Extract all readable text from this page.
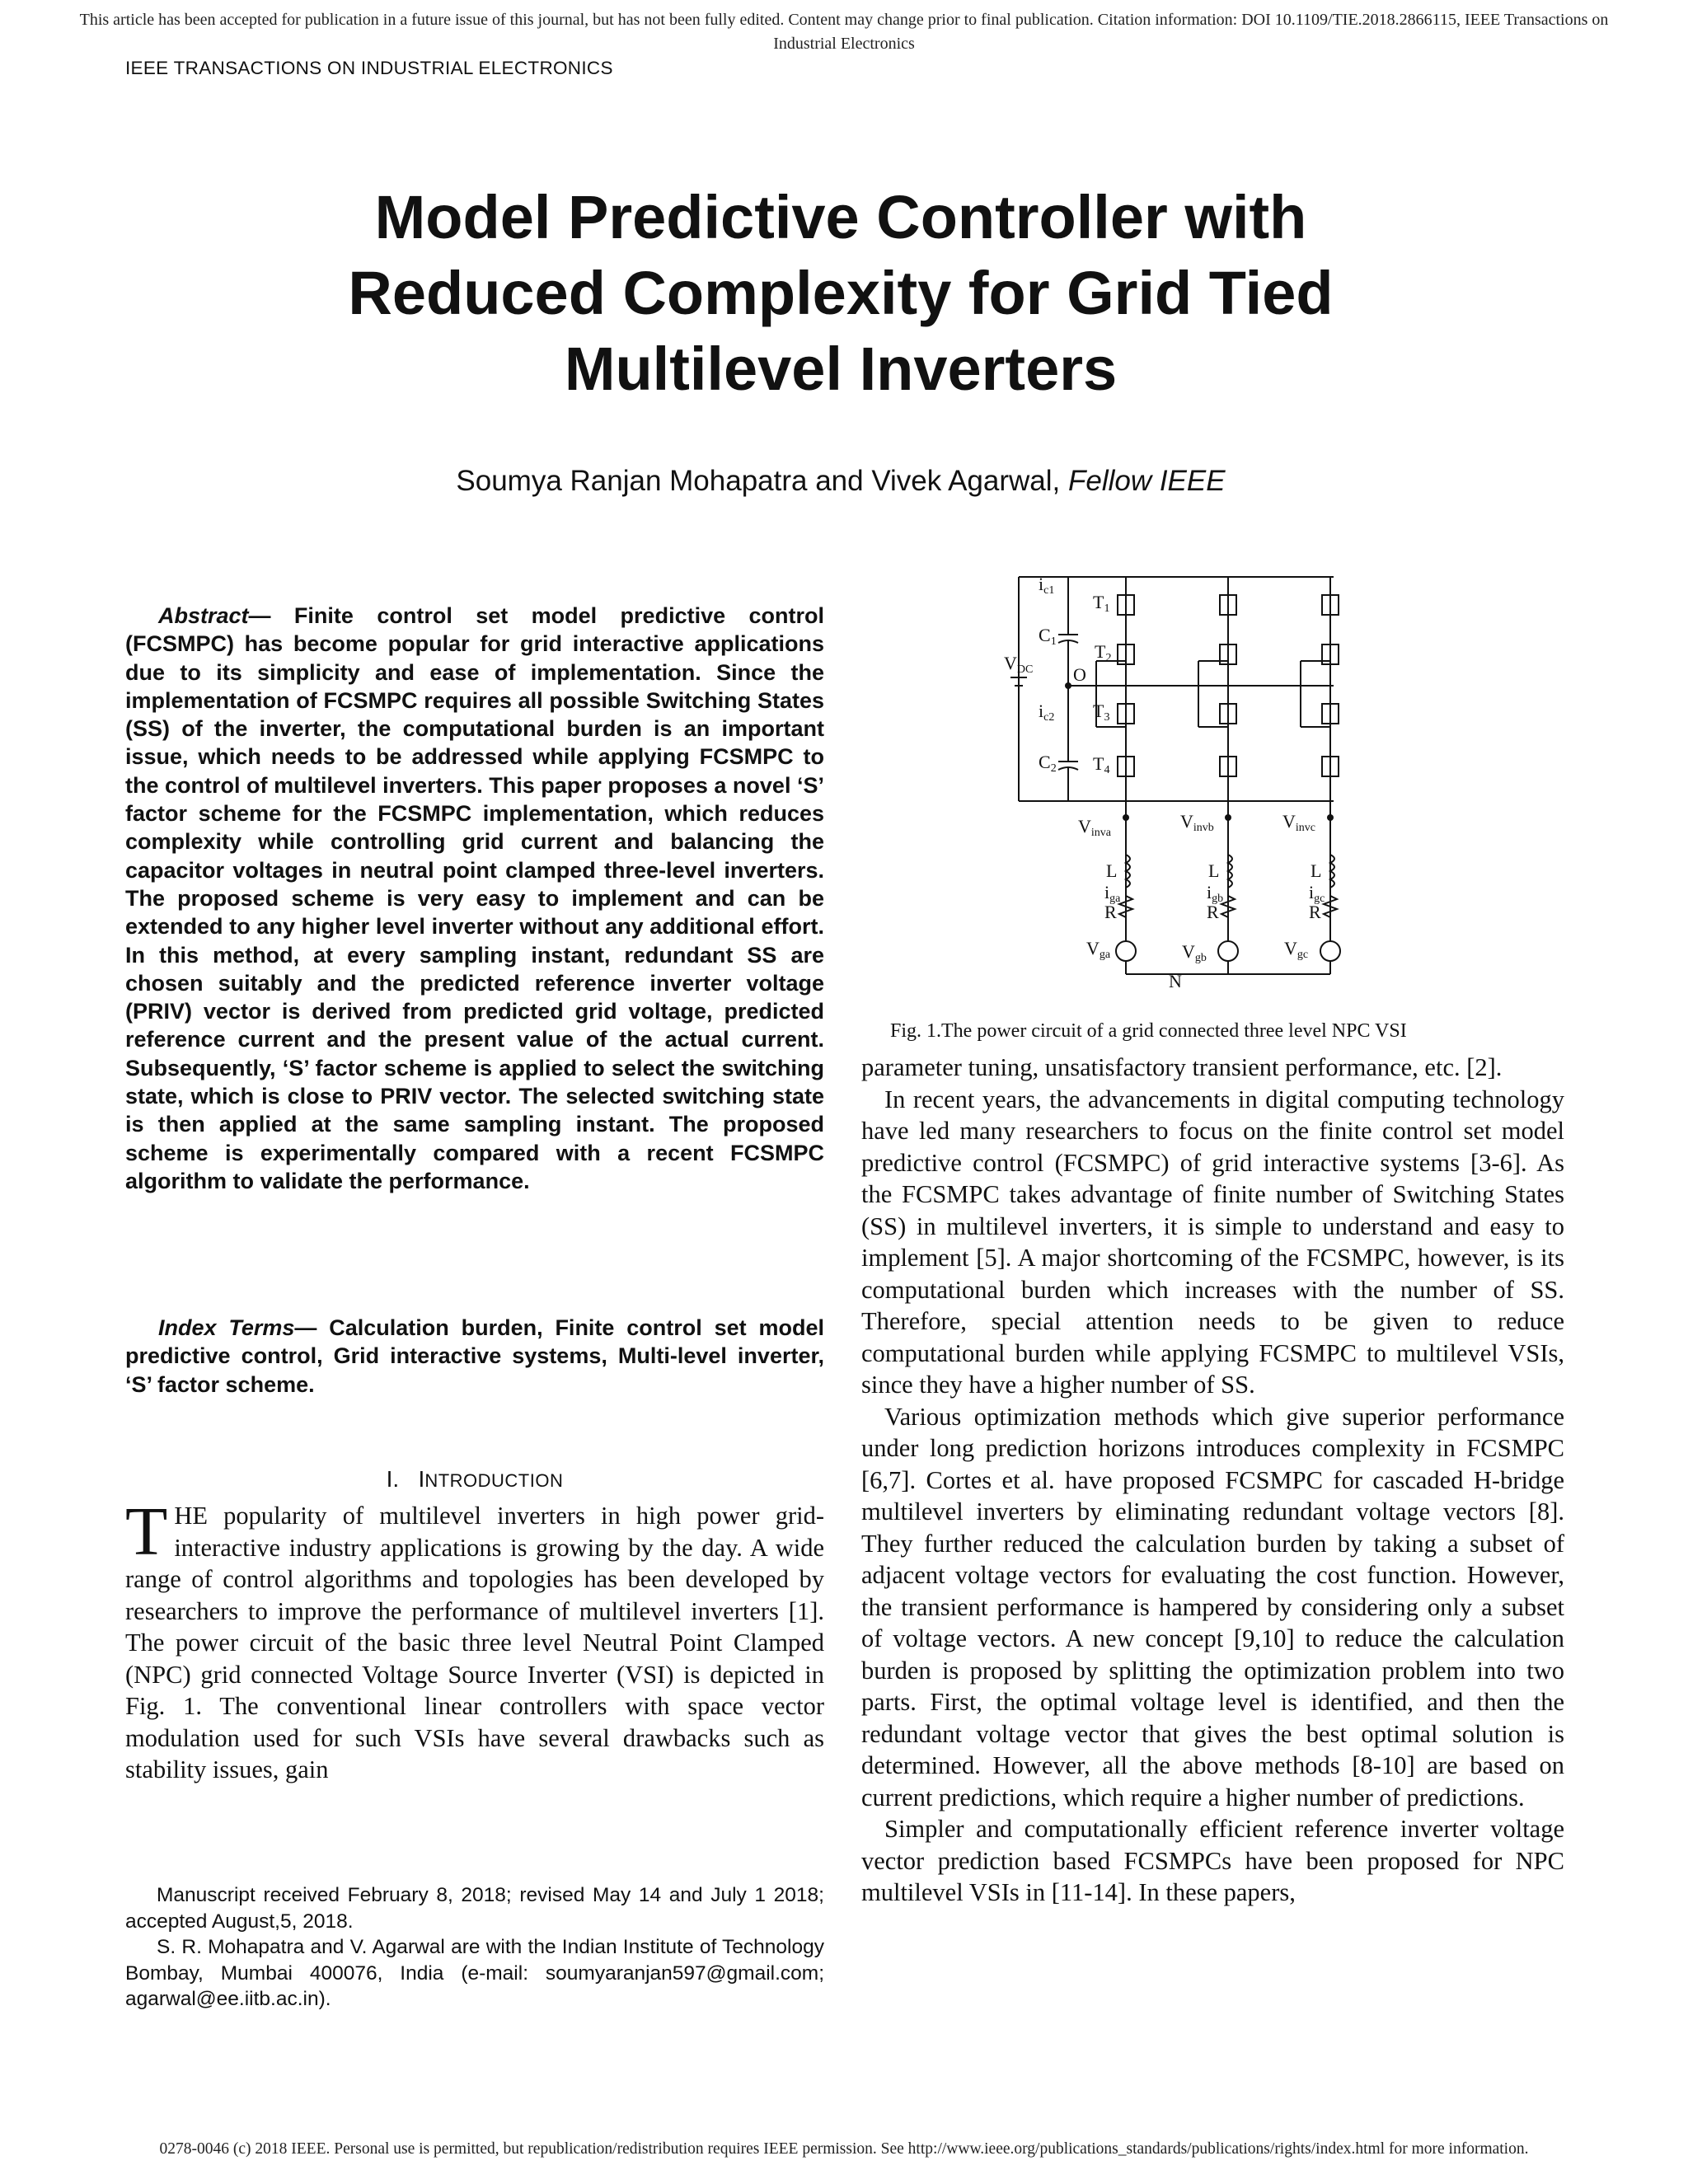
This article has been accepted for publication in a future issue of this journal, but has not been fully edited. Content may change prior to final publication. Citation information: DOI 10.1109/TIE.2018.2866115, IEEE Transactions on Industrial Electronics
IEEE TRANSACTIONS ON INDUSTRIAL ELECTRONICS
Model Predictive Controller with Reduced Complexity for Grid Tied Multilevel Inverters
Soumya Ranjan Mohapatra and Vivek Agarwal, Fellow IEEE

Abstract— Finite control set model predictive control (FCSMPC) has become popular for grid interactive applications due to its simplicity and ease of implementation. Since the implementation of FCSMPC requires all possible Switching States (SS) of the inverter, the computational burden is an important issue, which needs to be addressed while applying FCSMPC to the control of multilevel inverters. This paper proposes a novel ‘S’ factor scheme for the FCSMPC implementation, which reduces complexity while controlling grid current and balancing the capacitor voltages in neutral point clamped three-level inverters. The proposed scheme is very easy to implement and can be extended to any higher level inverter without any additional effort. In this method, at every sampling instant, redundant SS are chosen suitably and the predicted reference inverter voltage (PRIV) vector is derived from predicted grid voltage, predicted reference current and the present value of the actual current. Subsequently, ‘S’ factor scheme is applied to select the switching state, which is close to PRIV vector. The selected switching state is then applied at the same sampling instant. The proposed scheme is experimentally compared with a recent FCSMPC algorithm to validate the performance.

Index Terms— Calculation burden, Finite control set model predictive control, Grid interactive systems, Multi-level inverter, ‘S’ factor scheme.

I. INTRODUCTION

THE popularity of multilevel inverters in high power grid-interactive industry applications is growing by the day. A wide range of control algorithms and topologies has been developed by researchers to improve the performance of multilevel inverters [1]. The power circuit of the basic three level Neutral Point Clamped (NPC) grid connected Voltage Source Inverter (VSI) is depicted in Fig. 1. The conventional linear controllers with space vector modulation used for such VSIs have several drawbacks such as stability issues, gain

Manuscript received February 8, 2018; revised May 14 and July 1 2018; accepted August,5, 2018.

S. R. Mohapatra and V. Agarwal are with the Indian Institute of Technology Bombay, Mumbai 400076, India (e-mail: soumyaranjan597@gmail.com; agarwal@ee.iitb.ac.in).

ic1
ic2
C1
C2
VDC O
T1
T2
T3
T4
Vinva
Vinvb	Vinvc
L	L	L
iga	igb	igc
R	R	R
Vga	Vgb	Vgc
N
Fig. 1.The power circuit of a grid connected three level NPC VSI

parameter tuning, unsatisfactory transient performance, etc. [2].

In recent years, the advancements in digital computing technology have led many researchers to focus on the finite control set model predictive control (FCSMPC) of grid interactive systems [3-6]. As the FCSMPC takes advantage of finite number of Switching States (SS) in multilevel inverters, it is simple to understand and easy to implement [5]. A major shortcoming of the FCSMPC, however, is its computational burden which increases with the number of SS. Therefore, special attention needs to be given to reduce computational burden while applying FCSMPC to multilevel VSIs, since they have a higher number of SS.

Various optimization methods which give superior performance under long prediction horizons introduces complexity in FCSMPC [6,7]. Cortes et al. have proposed FCSMPC for cascaded H-bridge multilevel inverters by eliminating redundant voltage vectors [8]. They further reduced the calculation burden by taking a subset of adjacent voltage vectors for evaluating the cost function. However, the transient performance is hampered by considering only a subset of voltage vectors. A new concept [9,10] to reduce the calculation burden is proposed by splitting the optimization problem into two parts. First, the optimal voltage level is identified, and then the redundant voltage vector that gives the best optimal solution is determined. However, all the above methods [8-10] are based on current predictions, which require a higher number of predictions.

Simpler and computationally efficient reference inverter voltage vector prediction based FCSMPCs have been proposed for NPC multilevel VSIs in [11-14]. In these papers,

0278-0046 (c) 2018 IEEE. Personal use is permitted, but republication/redistribution requires IEEE permission. See http://www.ieee.org/publications_standards/publications/rights/index.html for more information.
